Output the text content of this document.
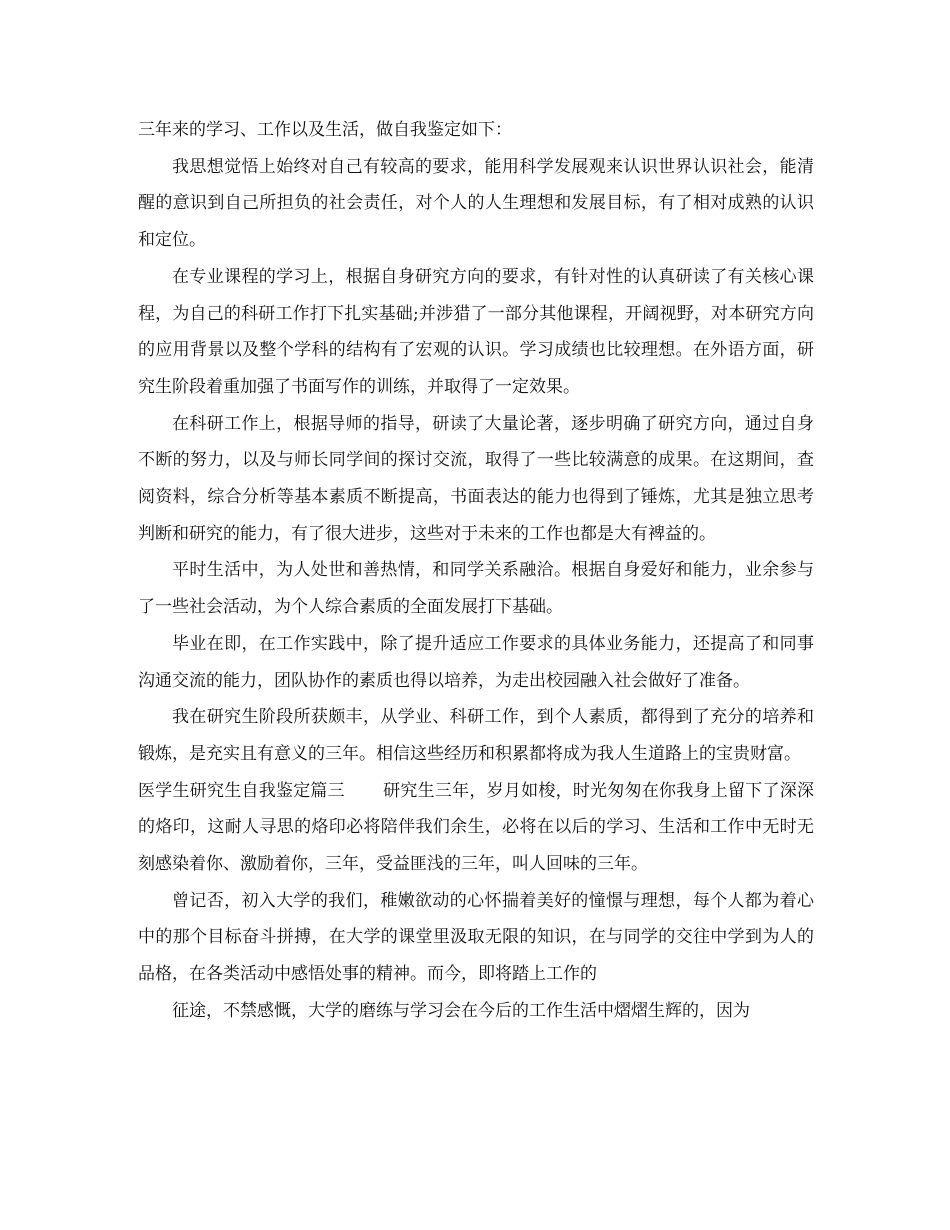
三年来的学习、工作以及生活，做自我鉴定如下：

我思想觉悟上始终对自己有较高的要求，能用科学发展观来认识世界认识社会，能清醒的意识到自己所担负的社会责任，对个人的人生理想和发展目标，有了相对成熟的认识和定位。

在专业课程的学习上，根据自身研究方向的要求，有针对性的认真研读了有关核心课程，为自己的科研工作打下扎实基础;并涉猎了一部分其他课程，开阔视野，对本研究方向的应用背景以及整个学科的结构有了宏观的认识。学习成绩也比较理想。在外语方面，研究生阶段着重加强了书面写作的训练，并取得了一定效果。

在科研工作上，根据导师的指导，研读了大量论著，逐步明确了研究方向，通过自身不断的努力，以及与师长同学间的探讨交流，取得了一些比较满意的成果。在这期间，查阅资料，综合分析等基本素质不断提高，书面表达的能力也得到了锤炼，尤其是独立思考判断和研究的能力，有了很大进步，这些对于未来的工作也都是大有裨益的。

平时生活中，为人处世和善热情，和同学关系融洽。根据自身爱好和能力，业余参与了一些社会活动，为个人综合素质的全面发展打下基础。

毕业在即，在工作实践中，除了提升适应工作要求的具体业务能力，还提高了和同事沟通交流的能力，团队协作的素质也得以培养，为走出校园融入社会做好了准备。

我在研究生阶段所获颇丰，从学业、科研工作，到个人素质，都得到了充分的培养和锻炼，是充实且有意义的三年。相信这些经历和积累都将成为我人生道路上的宝贵财富。

医学生研究生自我鉴定篇三 研究生三年，岁月如梭，时光匆匆在你我身上留下了深深的烙印，这耐人寻思的烙印必将陪伴我们余生，必将在以后的学习、生活和工作中无时无刻感染着你、激励着你，三年，受益匪浅的三年，叫人回味的三年。

曾记否，初入大学的我们，稚嫩欲动的心怀揣着美好的憧憬与理想，每个人都为着心中的那个目标奋斗拼搏，在大学的课堂里汲取无限的知识，在与同学的交往中学到为人的品格，在各类活动中感悟处事的精神。而今，即将踏上工作的

征途，不禁感慨，大学的磨练与学习会在今后的工作生活中熠熠生辉的，因为
